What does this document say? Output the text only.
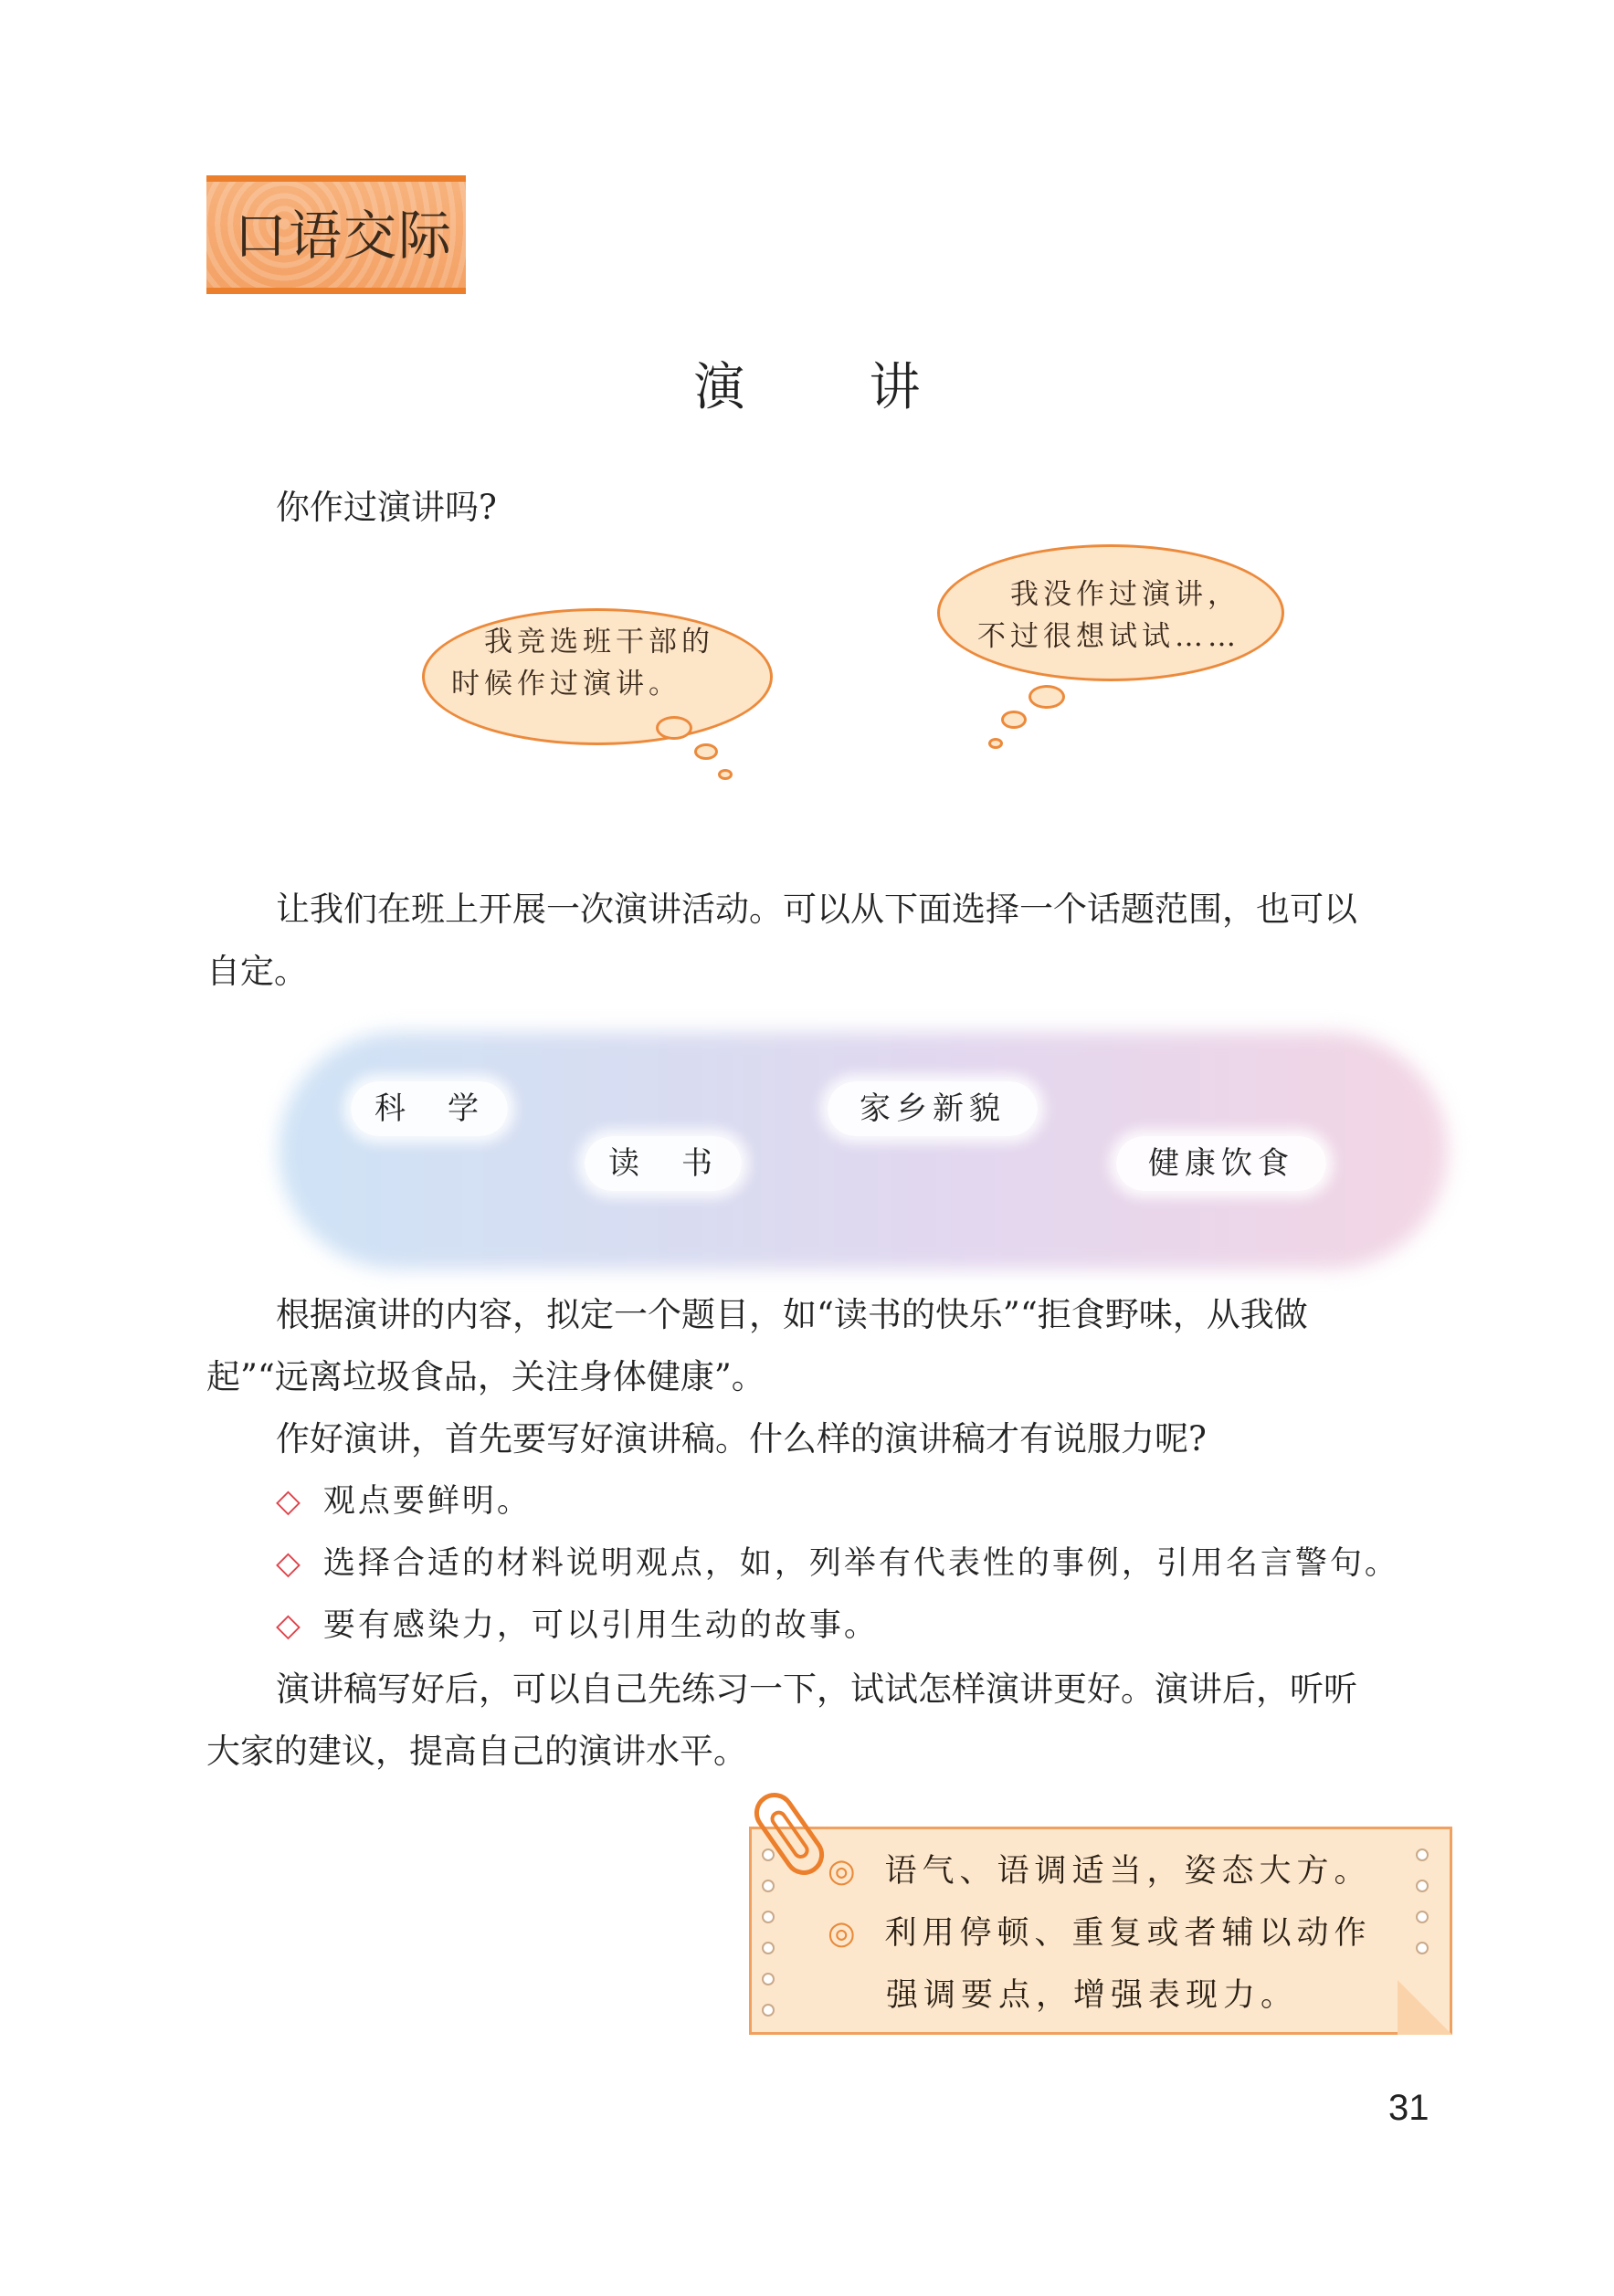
口语交际
演　讲
你作过演讲吗?
　我竞选班干部的
时候作过演讲。
　我没作过演讲，
不过很想试试……
让我们在班上开展一次演讲活动。可以从下面选择一个话题范围，也可以
自定。
科　学
读　书
家乡新貌
健康饮食
根据演讲的内容，拟定一个题目，如“读书的快乐”“拒食野味，从我做
起”“远离垃圾食品，关注身体健康”。
作好演讲，首先要写好演讲稿。什么样的演讲稿才有说服力呢?
◇ 观点要鲜明。
◇ 选择合适的材料说明观点，如，列举有代表性的事例，引用名言警句。
◇ 要有感染力，可以引用生动的故事。
演讲稿写好后，可以自己先练习一下，试试怎样演讲更好。演讲后，听听
大家的建议，提高自己的演讲水平。
◎ 语气、语调适当，姿态大方。
◎ 利用停顿、重复或者辅以动作
强调要点，增强表现力。
31
